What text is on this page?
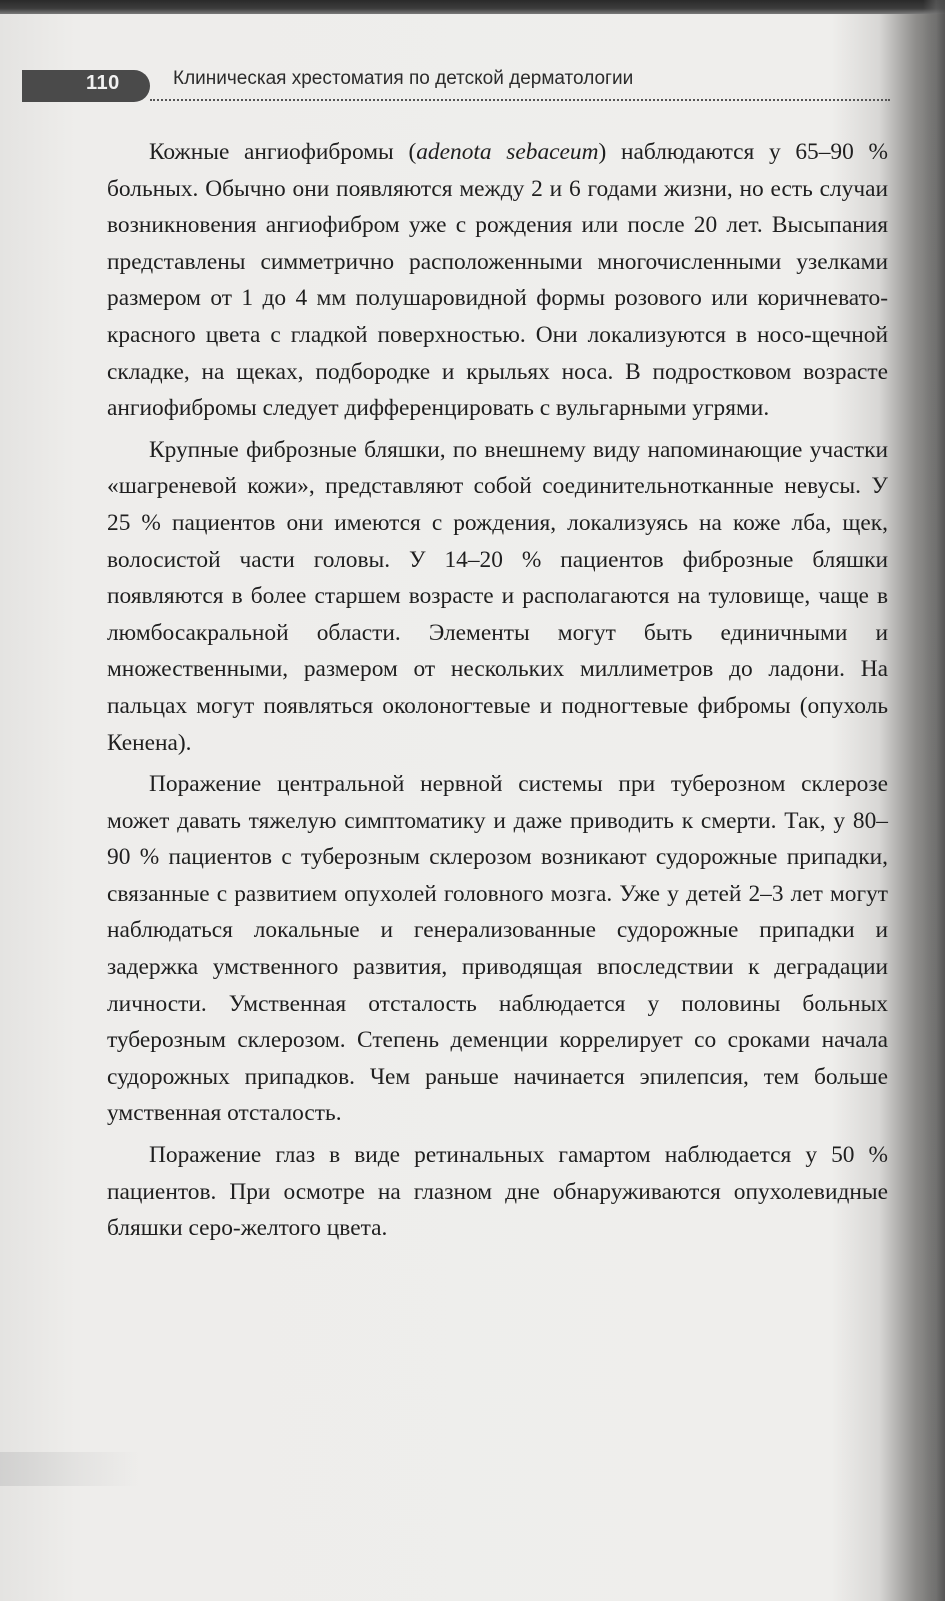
110	Клиническая хрестоматия по детской дерматологии

Кожные ангиофибромы (adenota sebaceum) наблюдаются у 65–90 % больных. Обычно они появляются между 2 и 6 годами жизни, но есть случаи возникновения ангиофибром уже с рождения или после 20 лет. Высыпания представлены симметрично расположенными многочисленными узелками размером от 1 до 4 мм полушаровидной формы розового или коричневато-красного цвета с гладкой поверхностью. Они локализуются в носо-щечной складке, на щеках, подбородке и крыльях носа. В подростковом возрасте ангиофибромы следует дифференцировать с вульгарными угрями.

Крупные фиброзные бляшки, по внешнему виду напоминающие участки «шагреневой кожи», представляют собой соединительнотканные невусы. У 25 % пациентов они имеются с рождения, локализуясь на коже лба, щек, волосистой части головы. У 14–20 % пациентов фиброзные бляшки появляются в более старшем возрасте и располагаются на туловище, чаще в люмбосакральной области. Элементы могут быть единичными и множественными, размером от нескольких миллиметров до ладони. На пальцах могут появляться околоногтевые и подногтевые фибромы (опухоль Кенена).

Поражение центральной нервной системы при туберозном склерозе может давать тяжелую симптоматику и даже приводить к смерти. Так, у 80–90 % пациентов с туберозным склерозом возникают судорожные припадки, связанные с развитием опухолей головного мозга. Уже у детей 2–3 лет могут наблюдаться локальные и генерализованные судорожные припадки и задержка умственного развития, приводящая впоследствии к деградации личности. Умственная отсталость наблюдается у половины больных туберозным склерозом. Степень деменции коррелирует со сроками начала судорожных припадков. Чем раньше начинается эпилепсия, тем больше умственная отсталость.

Поражение глаз в виде ретинальных гамартом наблюдается у 50 % пациентов. При осмотре на глазном дне обнаруживаются опухолевидные бляшки серо-желтого цвета.
